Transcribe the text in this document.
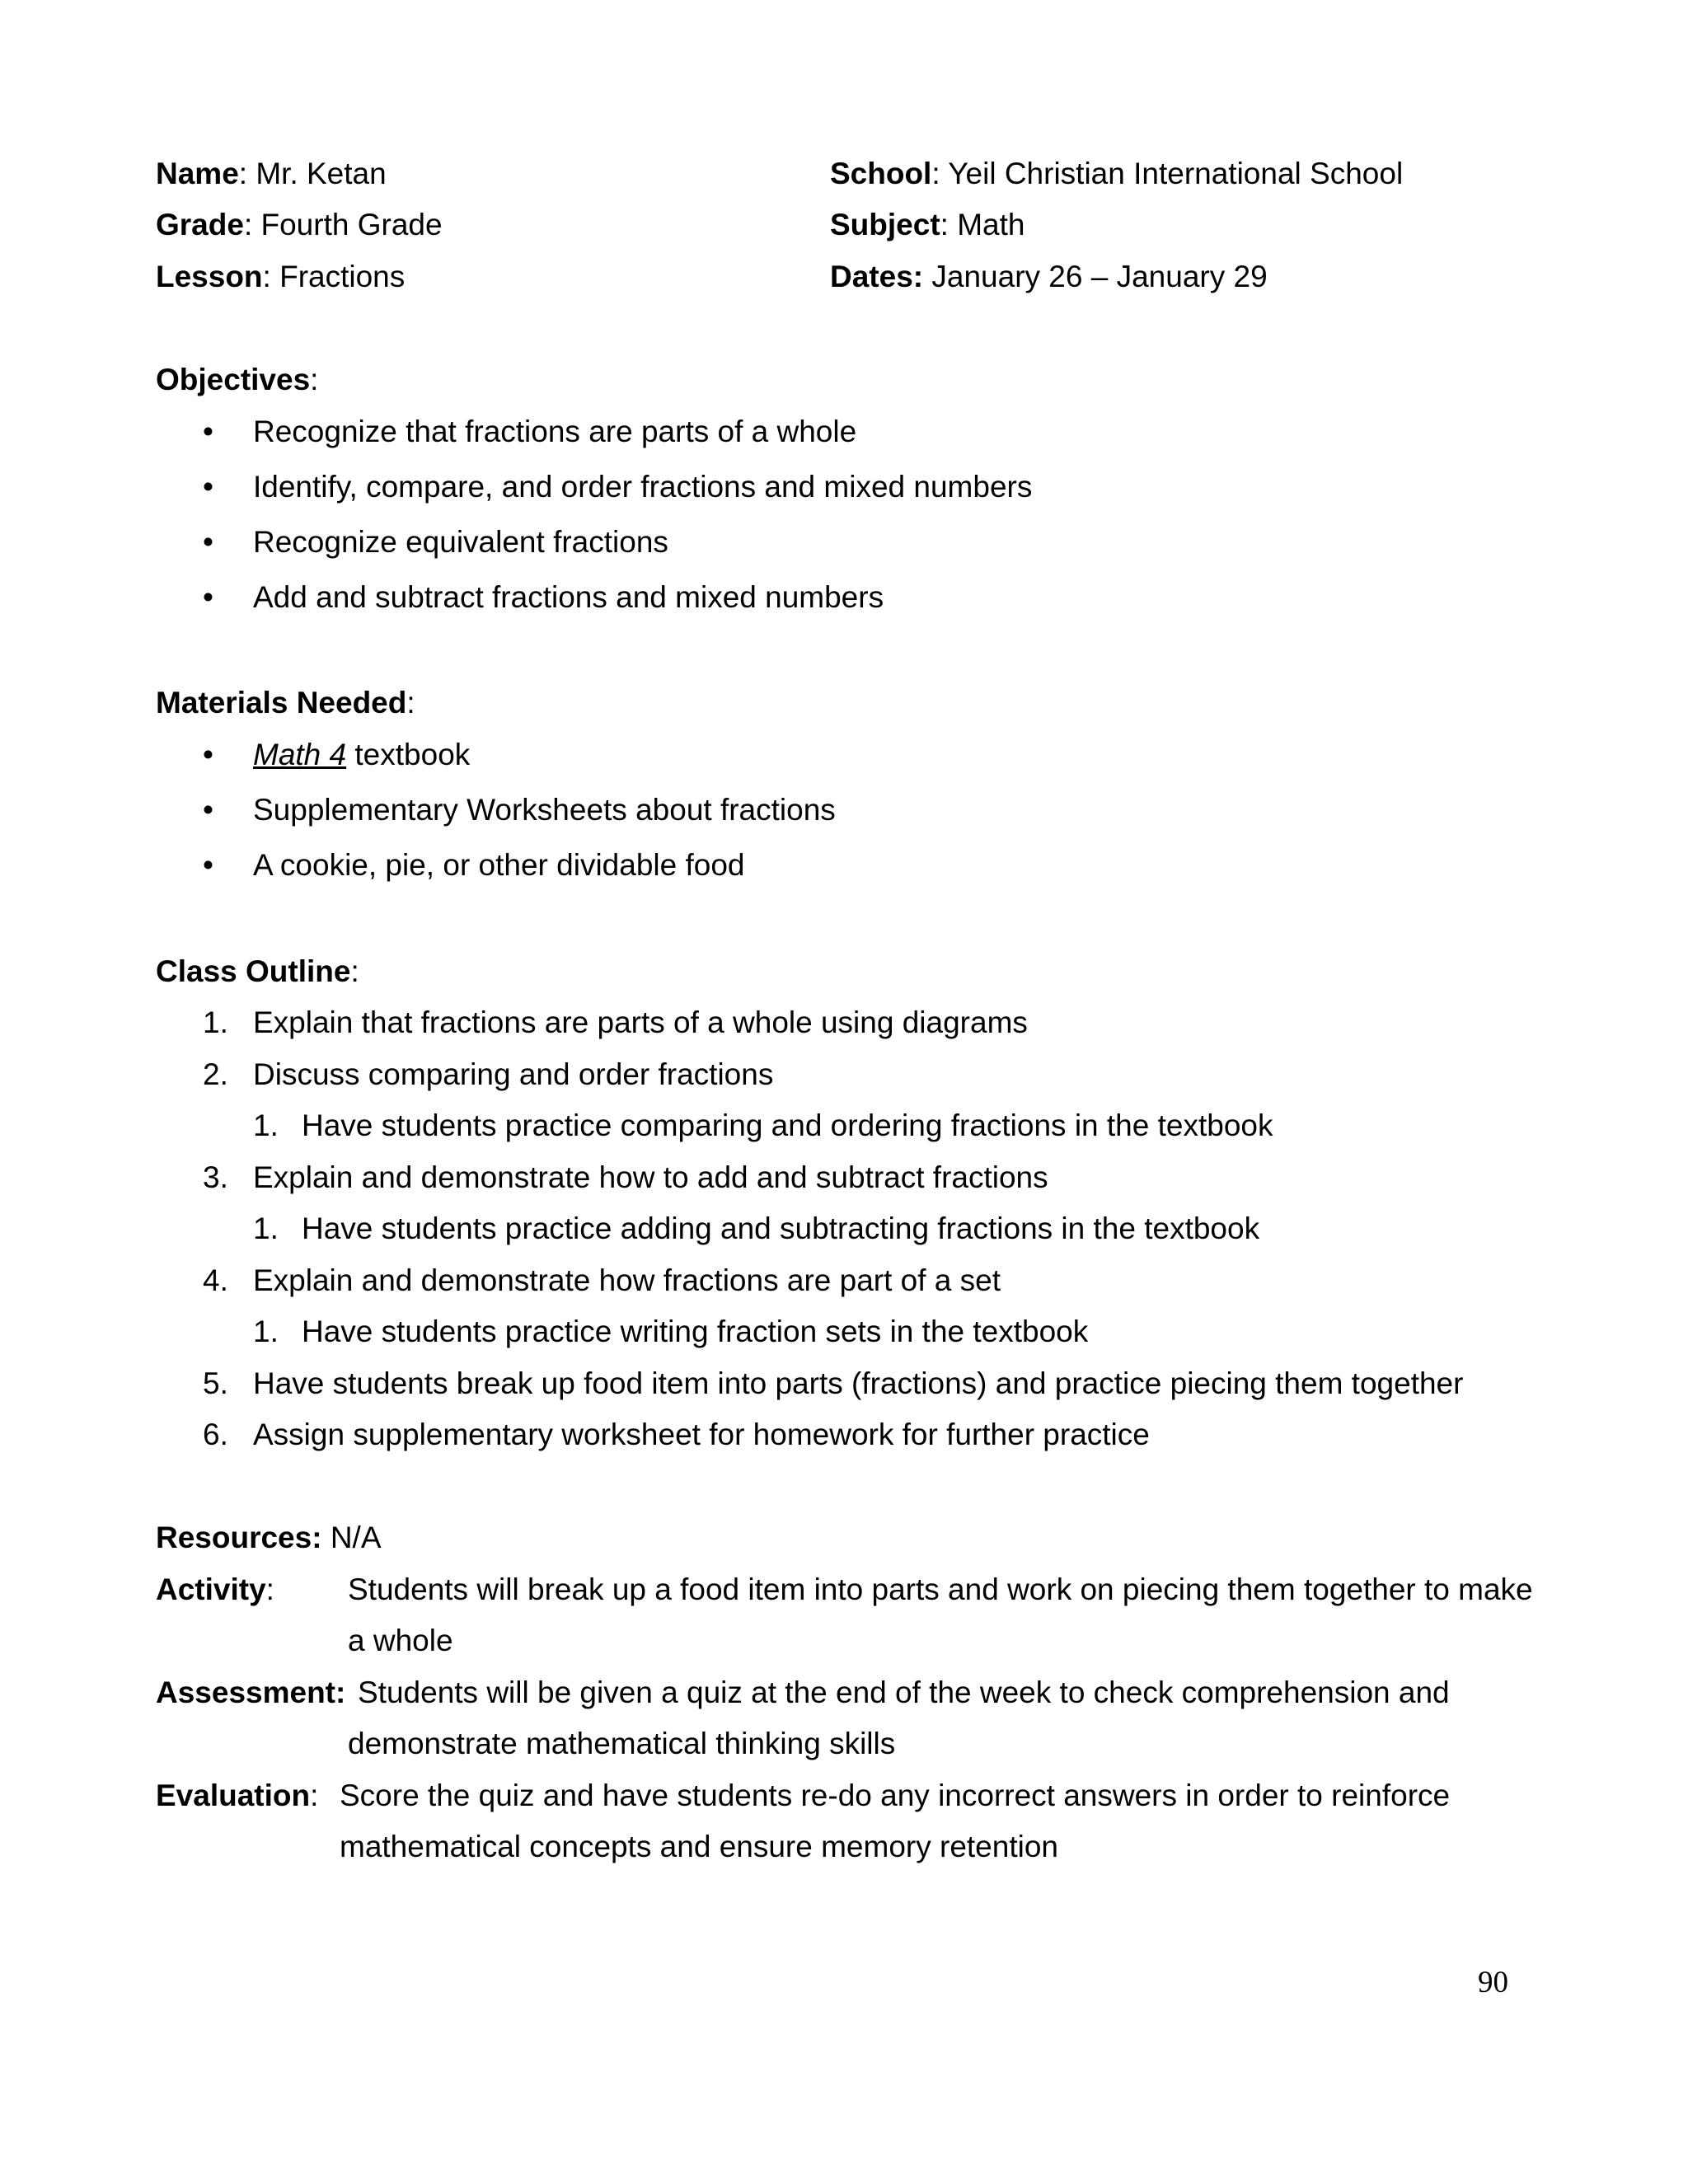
Name: Mr. Ketan
Grade: Fourth Grade
Lesson: Fractions
School: Yeil Christian International School
Subject: Math
Dates: January 26 – January 29
Objectives:
• Recognize that fractions are parts of a whole
• Identify, compare, and order fractions and mixed numbers
• Recognize equivalent fractions
• Add and subtract fractions and mixed numbers
Materials Needed:
• Math 4 textbook
• Supplementary Worksheets about fractions
• A cookie, pie, or other dividable food
Class Outline:
1. Explain that fractions are parts of a whole using diagrams
2. Discuss comparing and order fractions
1. Have students practice comparing and ordering fractions in the textbook
3. Explain and demonstrate how to add and subtract fractions
1. Have students practice adding and subtracting fractions in the textbook
4. Explain and demonstrate how fractions are part of a set
1. Have students practice writing fraction sets in the textbook
5. Have students break up food item into parts (fractions) and practice piecing them together
6. Assign supplementary worksheet for homework for further practice
Resources: N/A
Activity: Students will break up a food item into parts and work on piecing them together to make
a whole
Assessment: Students will be given a quiz at the end of the week to check comprehension and
demonstrate mathematical thinking skills
Evaluation: Score the quiz and have students re-do any incorrect answers in order to reinforce
mathematical concepts and ensure memory retention
90
